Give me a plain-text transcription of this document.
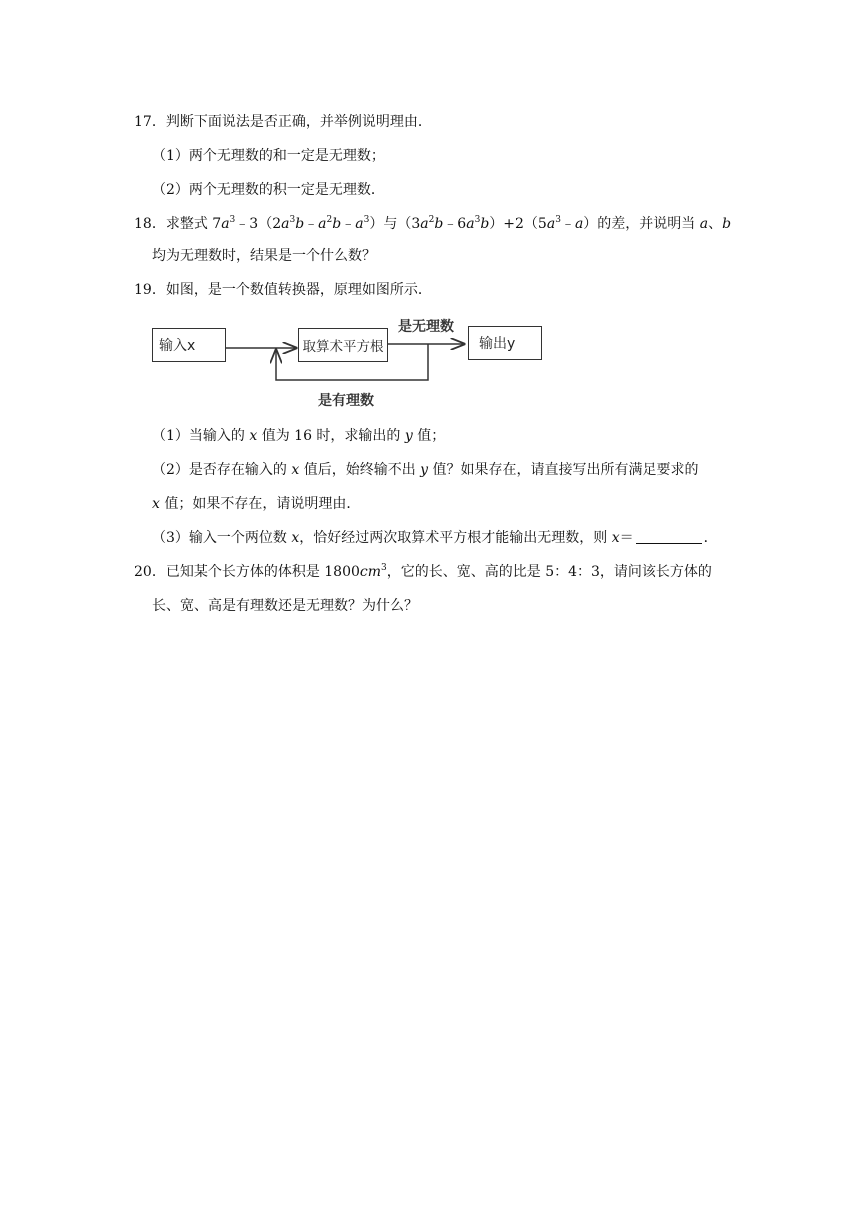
17．判断下面说法是否正确，并举例说明理由．
（1）两个无理数的和一定是无理数；
（2）两个无理数的积一定是无理数．
18．求整式 $7a^3﹣3(2a^3b﹣a^2b﹣a^3)$与$(3a^2b﹣6a^3b)+2(5a^3﹣a)$的差，并说明当 a、b
均为无理数时，结果是一个什么数？
19．如图，是一个数值转换器，原理如图所示．
输入x	取算术平方根	输出y
是无理数
是有理数
（1）当输入的 x 值为 16 时，求输出的 y 值；
（2）是否存在输入的 x 值后，始终输不出 y 值？如果存在，请直接写出所有满足要求的
x 值；如果不存在，请说明理由．
（3）输入一个两位数 x，恰好经过两次取算术平方根才能输出无理数，则 x＝	．
20．已知某个长方体的体积是 $1800cm^3$，它的长、宽、高的比是 5：4：3，请问该长方体的
长、宽、高是有理数还是无理数？为什么？
